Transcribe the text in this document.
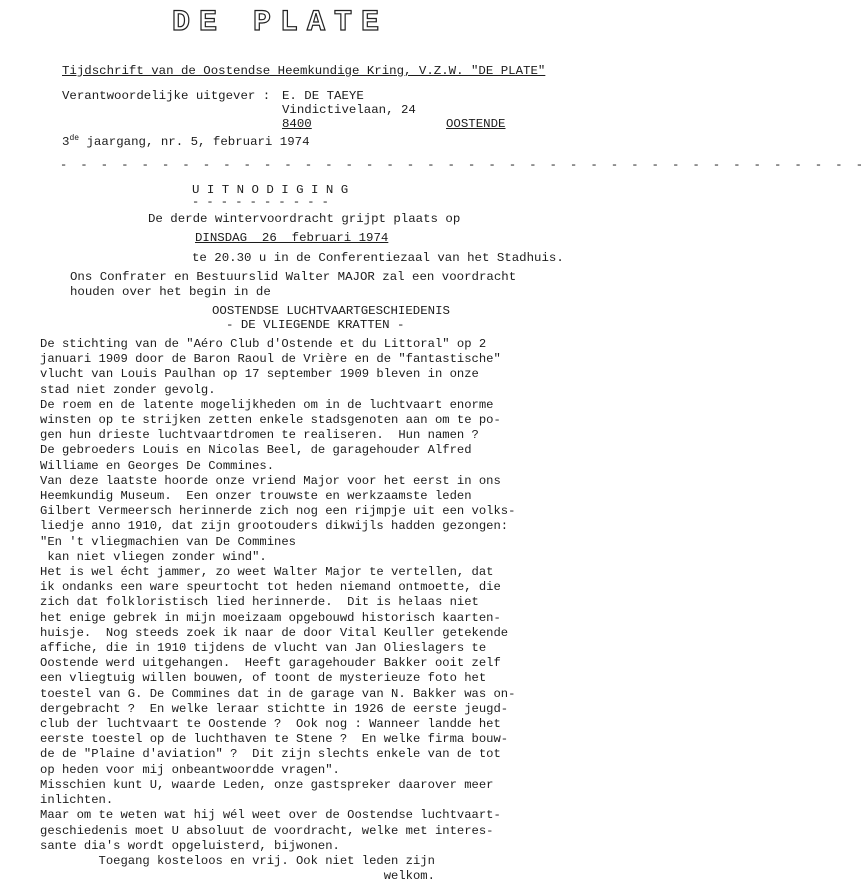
DE PLATE
Tijdschrift van de Oostendse Heemkundige Kring, V.Z.W. "DE PLATE"
Verantwoordelijke uitgever : E. DE TAEYE
Vindictivelaan, 24
8400	OOSTENDE
3de jaargang, nr. 5, februari 1974
- - - - - - - - - - - - - - - - - - - - - - - - - - - - - - - - - - - - - - - -
U I T N O D I G I N G
- - - - - - - - - -
De derde wintervoordracht grijpt plaats op
DINSDAG  26  februari 1974
te 20.30 u in de Conferentiezaal van het Stadhuis.
Ons Confrater en Bestuurslid Walter MAJOR zal een voordracht
houden over het begin in de
OOSTENDSE LUCHTVAARTGESCHIEDENIS
- DE VLIEGENDE KRATTEN -
De stichting van de "Aéro Club d'Ostende et du Littoral" op 2
januari 1909 door de Baron Raoul de Vrière en de "fantastische"
vlucht van Louis Paulhan op 17 september 1909 bleven in onze
stad niet zonder gevolg.
De roem en de latente mogelijkheden om in de luchtvaart enorme
winsten op te strijken zetten enkele stadsgenoten aan om te po-
gen hun drieste luchtvaartdromen te realiseren.  Hun namen ?
De gebroeders Louis en Nicolas Beel, de garagehouder Alfred
Williame en Georges De Commines.
Van deze laatste hoorde onze vriend Major voor het eerst in ons
Heemkundig Museum.  Een onzer trouwste en werkzaamste leden
Gilbert Vermeersch herinnerde zich nog een rijmpje uit een volks-
liedje anno 1910, dat zijn grootouders dikwijls hadden gezongen:
"En 't vliegmachien van De Commines
kan niet vliegen zonder wind".
Het is wel écht jammer, zo weet Walter Major te vertellen, dat
ik ondanks een ware speurtocht tot heden niemand ontmoette, die
zich dat folkloristisch lied herinnerde.  Dit is helaas niet
het enige gebrek in mijn moeizaam opgebouwd historisch kaarten-
huisje.  Nog steeds zoek ik naar de door Vital Keuller getekende
affiche, die in 1910 tijdens de vlucht van Jan Olieslagers te
Oostende werd uitgehangen.  Heeft garagehouder Bakker ooit zelf
een vliegtuig willen bouwen, of toont de mysterieuze foto het
toestel van G. De Commines dat in de garage van N. Bakker was on-
dergebracht ?  En welke leraar stichtte in 1926 de eerste jeugd-
club der luchtvaart te Oostende ?  Ook nog : Wanneer landde het
eerste toestel op de luchthaven te Stene ?  En welke firma bouw-
de de "Plaine d'aviation" ?  Dit zijn slechts enkele van de tot
op heden voor mij onbeantwoordde vragen".
Misschien kunt U, waarde Leden, onze gastspreker daarover meer
inlichten.
Maar om te weten wat hij wél weet over de Oostendse luchtvaart-
geschiedenis moet U absoluut de voordracht, welke met interes-
sante dia's wordt opgeluisterd, bijwonen.
Toegang kosteloos en vrij. Ook niet leden zijn
welkom.
